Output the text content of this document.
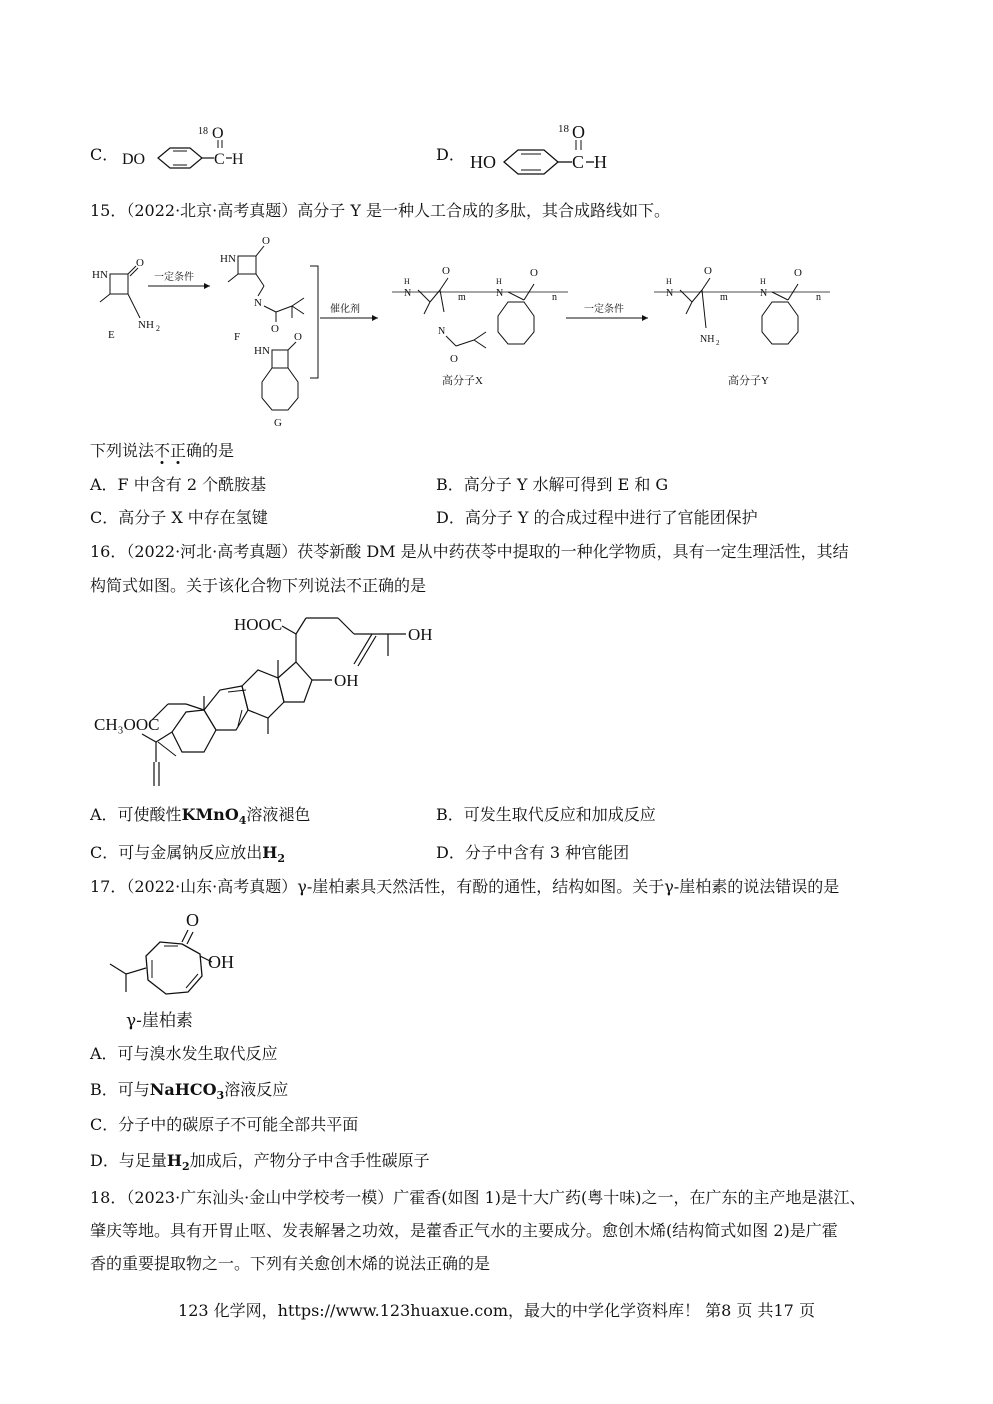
C． DO	C
18 O
H	D． HO	C
18 O
H
15．（2022·北京·高考真题）高分子 Y 是一种人工合成的多肽，其合成路线如下。
HN
O
NH 2
E
一定条件
HN
O
N
O
F
HN
O
G
催化剂
N
H
O
m
N
O
N
H
O
n
高分子X
一定条件
N
H
O
m
NH 2
N
H
O
n
高分子Y
下列说法不正确的是
A．F 中含有 2 个酰胺基	B．高分子 Y 水解可得到 E 和 G
C．高分子 X 中存在氢键	D．高分子 Y 的合成过程中进行了官能团保护
16．（2022·河北·高考真题）茯苓新酸 DM 是从中药茯苓中提取的一种化学物质，具有一定生理活性，其结
构简式如图。关于该化合物下列说法不正确的是
HOOC
OH
OH
CH₃OOC
A．可使酸性KMnO$_4$溶液褪色	B．可发生取代反应和加成反应
C．可与金属钠反应放出$H_2$	D．分子中含有 3 种官能团
17．（2022·山东·高考真题）γ-崖柏素具天然活性，有酚的通性，结构如图。关于γ-崖柏素的说法错误的是
O
OH
γ-崖柏素
A．可与溴水发生取代反应
B．可与NaHCO$_3$溶液反应
C．分子中的碳原子不可能全部共平面
D．与足量$H_2$加成后，产物分子中含手性碳原子
18．（2023·广东汕头·金山中学校考一模）广霍香(如图 1)是十大广药(粤十味)之一，在广东的主产地是湛江、
肇庆等地。具有开胃止呕、发表解暑之功效，是藿香正气水的主要成分。愈创木烯(结构简式如图 2)是广霍
香的重要提取物之一。下列有关愈创木烯的说法正确的是
123 化学网，https://www.123huaxue.com，最大的中学化学资料库！ 第8 页 共17 页
